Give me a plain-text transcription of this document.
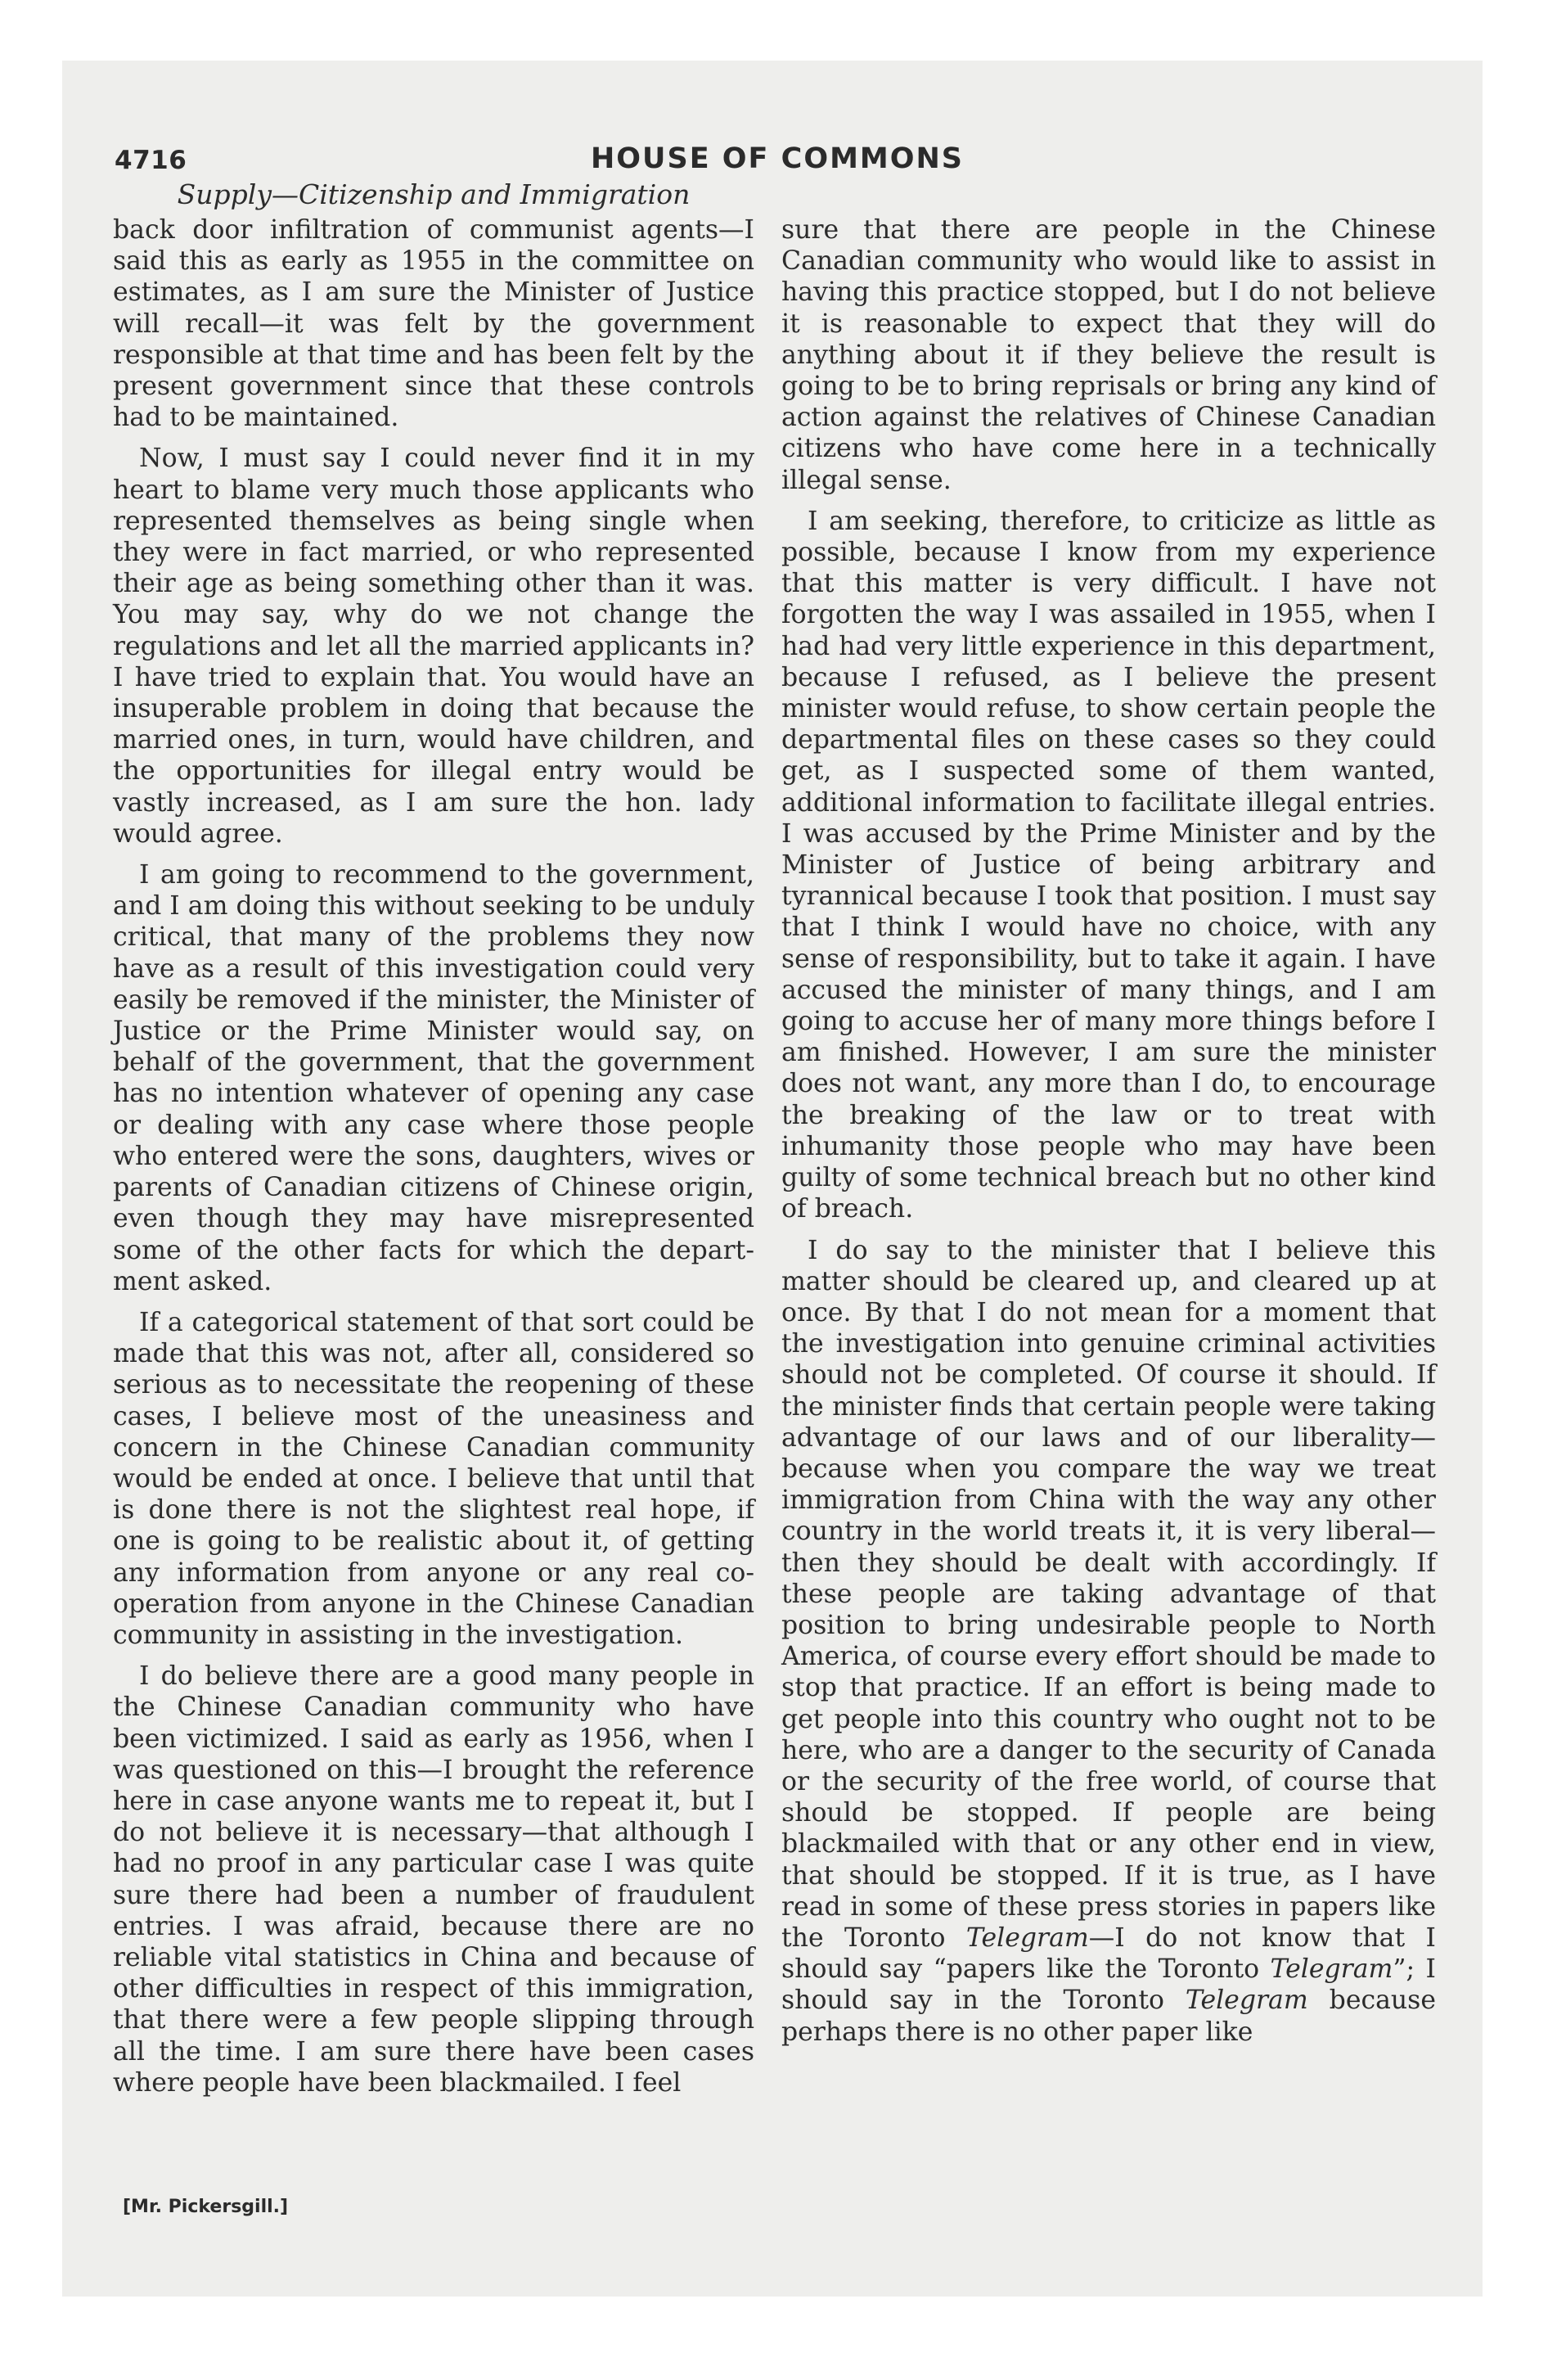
4716	HOUSE OF COMMONS
Supply—Citizenship and Immigration

back door infiltration of communist agents—I said this as early as 1955 in the committee on estimates, as I am sure the Minister of Justice will recall—it was felt by the government responsible at that time and has been felt by the present government since that these controls had to be maintained.

Now, I must say I could never find it in my heart to blame very much those applicants who represented themselves as being single when they were in fact married, or who represented their age as being something other than it was. You may say, why do we not change the regulations and let all the married applicants in? I have tried to explain that. You would have an insuperable problem in doing that because the married ones, in turn, would have children, and the opportunities for illegal entry would be vastly increased, as I am sure the hon. lady would agree.

I am going to recommend to the government, and I am doing this without seeking to be unduly critical, that many of the problems they now have as a result of this investigation could very easily be removed if the minister, the Minister of Justice or the Prime Minister would say, on behalf of the government, that the government has no intention whatever of opening any case or dealing with any case where those people who entered were the sons, daughters, wives or parents of Canadian citizens of Chinese origin, even though they may have misrepresented some of the other facts for which the department asked.

If a categorical statement of that sort could be made that this was not, after all, considered so serious as to necessitate the reopening of these cases, I believe most of the uneasiness and concern in the Chinese Canadian community would be ended at once. I believe that until that is done there is not the slightest real hope, if one is going to be realistic about it, of getting any information from anyone or any real co-operation from anyone in the Chinese Canadian community in assisting in the investigation.

I do believe there are a good many people in the Chinese Canadian community who have been victimized. I said as early as 1956, when I was questioned on this—I brought the reference here in case anyone wants me to repeat it, but I do not believe it is necessary—that although I had no proof in any particular case I was quite sure there had been a number of fraudulent entries. I was afraid, because there are no reliable vital statistics in China and because of other difficulties in respect of this immigration, that there were a few people slipping through all the time. I am sure there have been cases where people have been blackmailed. I feel

sure that there are people in the Chinese Canadian community who would like to assist in having this practice stopped, but I do not believe it is reasonable to expect that they will do anything about it if they believe the result is going to be to bring reprisals or bring any kind of action against the relatives of Chinese Canadian citizens who have come here in a technically illegal sense.

I am seeking, therefore, to criticize as little as possible, because I know from my experience that this matter is very difficult. I have not forgotten the way I was assailed in 1955, when I had had very little experience in this department, because I refused, as I believe the present minister would refuse, to show certain people the departmental files on these cases so they could get, as I suspected some of them wanted, additional information to facilitate illegal entries. I was accused by the Prime Minister and by the Minister of Justice of being arbitrary and tyrannical because I took that position. I must say that I think I would have no choice, with any sense of responsibility, but to take it again. I have accused the minister of many things, and I am going to accuse her of many more things before I am finished. However, I am sure the minister does not want, any more than I do, to encourage the breaking of the law or to treat with inhumanity those people who may have been guilty of some technical breach but no other kind of breach.

I do say to the minister that I believe this matter should be cleared up, and cleared up at once. By that I do not mean for a moment that the investigation into genuine criminal activities should not be completed. Of course it should. If the minister finds that certain people were taking advantage of our laws and of our liberality—because when you compare the way we treat immigration from China with the way any other country in the world treats it, it is very liberal—then they should be dealt with accordingly. If these people are taking advantage of that position to bring undesirable people to North America, of course every effort should be made to stop that practice. If an effort is being made to get people into this country who ought not to be here, who are a danger to the security of Canada or the security of the free world, of course that should be stopped. If people are being blackmailed with that or any other end in view, that should be stopped. If it is true, as I have read in some of these press stories in papers like the Toronto Telegram—I do not know that I should say “papers like the Toronto Telegram”; I should say in the Toronto Telegram because perhaps there is no other paper like

[Mr. Pickersgill.]
